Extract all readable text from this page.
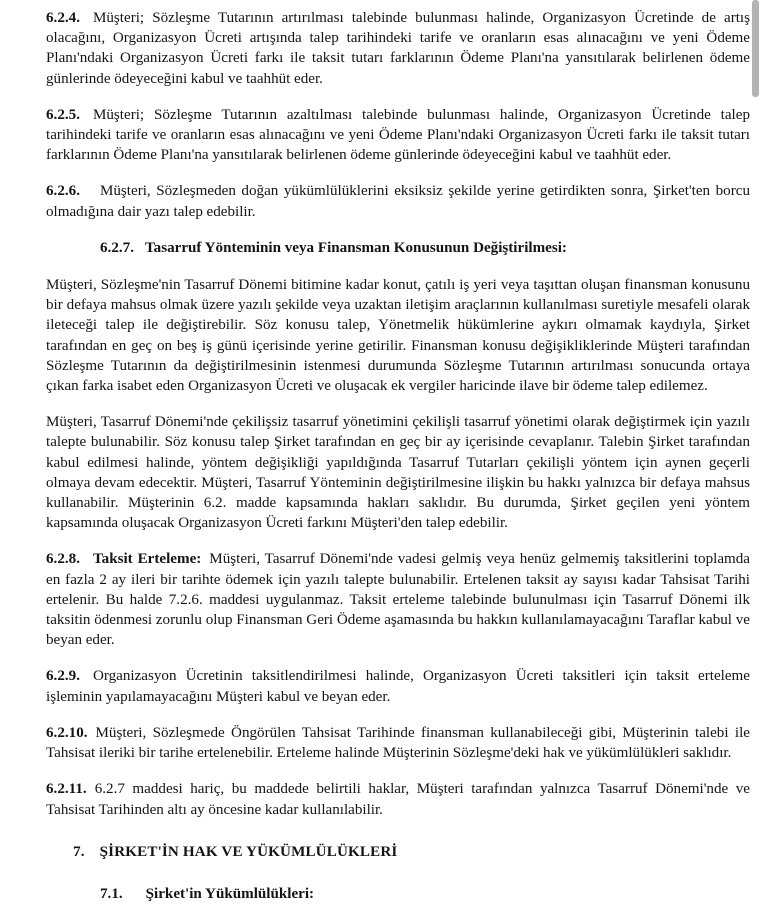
6.2.4. Müşteri; Sözleşme Tutarının artırılması talebinde bulunması halinde, Organizasyon Ücretinde de artış olacağını, Organizasyon Ücreti artışında talep tarihindeki tarife ve oranların esas alınacağını ve yeni Ödeme Planı'ndaki Organizasyon Ücreti farkı ile taksit tutarı farklarının Ödeme Planı'na yansıtılarak belirlenen ödeme günlerinde ödeyeceğini kabul ve taahhüt eder.

6.2.5. Müşteri; Sözleşme Tutarının azaltılması talebinde bulunması halinde, Organizasyon Ücretinde talep tarihindeki tarife ve oranların esas alınacağını ve yeni Ödeme Planı'ndaki Organizasyon Ücreti farkı ile taksit tutarı farklarının Ödeme Planı'na yansıtılarak belirlenen ödeme günlerinde ödeyeceğini kabul ve taahhüt eder.

6.2.6. Müşteri, Sözleşmeden doğan yükümlülüklerini eksiksiz şekilde yerine getirdikten sonra, Şirket'ten borcu olmadığına dair yazı talep edebilir.

6.2.7. Tasarruf Yönteminin veya Finansman Konusunun Değiştirilmesi:

Müşteri, Sözleşme'nin Tasarruf Dönemi bitimine kadar konut, çatılı iş yeri veya taşıttan oluşan finansman konusunu bir defaya mahsus olmak üzere yazılı şekilde veya uzaktan iletişim araçlarının kullanılması suretiyle mesafeli olarak ileteceği talep ile değiştirebilir. Söz konusu talep, Yönetmelik hükümlerine aykırı olmamak kaydıyla, Şirket tarafından en geç on beş iş günü içerisinde yerine getirilir. Finansman konusu değişikliklerinde Müşteri tarafından Sözleşme Tutarının da değiştirilmesinin istenmesi durumunda Sözleşme Tutarının artırılması sonucunda ortaya çıkan farka isabet eden Organizasyon Ücreti ve oluşacak ek vergiler haricinde ilave bir ödeme talep edilemez.

Müşteri, Tasarruf Dönemi'nde çekilişsiz tasarruf yönetimini çekilişli tasarruf yönetimi olarak değiştirmek için yazılı talepte bulunabilir. Söz konusu talep Şirket tarafından en geç bir ay içerisinde cevaplanır. Talebin Şirket tarafından kabul edilmesi halinde, yöntem değişikliği yapıldığında Tasarruf Tutarları çekilişli yöntem için aynen geçerli olmaya devam edecektir. Müşteri, Tasarruf Yönteminin değiştirilmesine ilişkin bu hakkı yalnızca bir defaya mahsus kullanabilir. Müşterinin 6.2. madde kapsamında hakları saklıdır. Bu durumda, Şirket geçilen yeni yöntem kapsamında oluşacak Organizasyon Ücreti farkını Müşteri'den talep edebilir.

6.2.8. Taksit Erteleme: Müşteri, Tasarruf Dönemi'nde vadesi gelmiş veya henüz gelmemiş taksitlerini toplamda en fazla 2 ay ileri bir tarihte ödemek için yazılı talepte bulunabilir. Ertelenen taksit ay sayısı kadar Tahsisat Tarihi ertelenir. Bu halde 7.2.6. maddesi uygulanmaz. Taksit erteleme talebinde bulunulması için Tasarruf Dönemi ilk taksitin ödenmesi zorunlu olup Finansman Geri Ödeme aşamasında bu hakkın kullanılamayacağını Taraflar kabul ve beyan eder.

6.2.9. Organizasyon Ücretinin taksitlendirilmesi halinde, Organizasyon Ücreti taksitleri için taksit erteleme işleminin yapılamayacağını Müşteri kabul ve beyan eder.

6.2.10. Müşteri, Sözleşmede Öngörülen Tahsisat Tarihinde finansman kullanabileceği gibi, Müşterinin talebi ile Tahsisat ileriki bir tarihe ertelenebilir. Erteleme halinde Müşterinin Sözleşme'deki hak ve yükümlülükleri saklıdır.

6.2.11. 6.2.7 maddesi hariç, bu maddede belirtili haklar, Müşteri tarafından yalnızca Tasarruf Dönemi'nde ve Tahsisat Tarihinden altı ay öncesine kadar kullanılabilir.

7. ŞİRKET'İN HAK VE YÜKÜMLÜLÜKLERİ

7.1. Şirket'in Yükümlülükleri:
